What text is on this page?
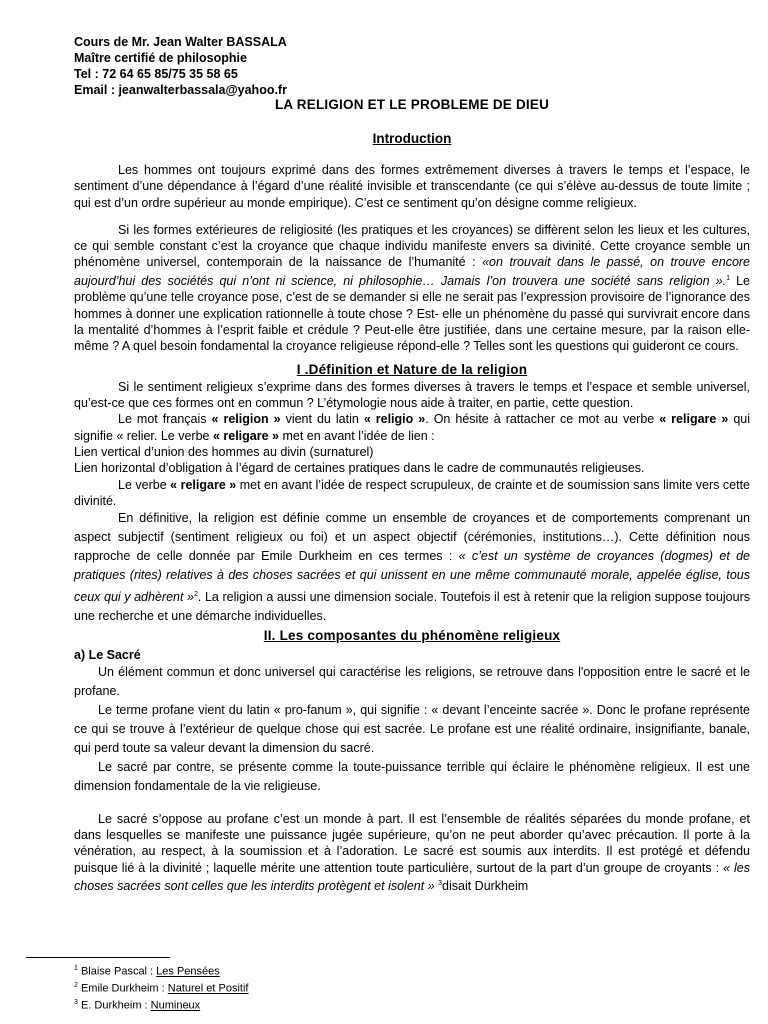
Cours de Mr. Jean Walter BASSALA
Maître certifié de philosophie
Tel : 72 64 65 85/75 35 58 65
Email : jeanwalterbassala@yahoo.fr
LA RELIGION ET LE PROBLEME DE DIEU
Introduction

Les hommes ont toujours exprimé dans des formes extrêmement diverses à travers le temps et l’espace, le sentiment d’une dépendance à l’égard d’une réalité invisible et transcendante (ce qui s’élève au-dessus de toute limite ; qui est d’un ordre supérieur au monde empirique). C’est ce sentiment qu’on désigne comme religieux.

Si les formes extérieures de religiosité (les pratiques et les croyances) se diffèrent selon les lieux et les cultures, ce qui semble constant c’est la croyance que chaque individu manifeste envers sa divinité. Cette croyance semble un phénomène universel, contemporain de la naissance de l’humanité : «on trouvait dans le passé, on trouve encore aujourd’hui des sociétés qui n’ont ni science, ni philosophie… Jamais l’on trouvera une société sans religion ».$^1$ Le problème qu’une telle croyance pose, c’est de se demander si elle ne serait pas l’expression provisoire de l’ignorance des hommes à donner une explication rationnelle à toute chose ? Est- elle un phénomène du passé qui survivrait encore dans la mentalité d’hommes à l’esprit faible et crédule ? Peut-elle être justifiée, dans une certaine mesure, par la raison elle-même ? A quel besoin fondamental la croyance religieuse répond-elle ? Telles sont les questions qui guideront ce cours.

I .Définition et Nature de la religion

Si le sentiment religieux s’exprime dans des formes diverses à travers le temps et l’espace et semble universel, qu’est-ce que ces formes ont en commun ? L’étymologie nous aide à traiter, en partie, cette question.

Le mot français « religion » vient du latin « religio ». On hésite à rattacher ce mot au verbe « religare » qui signifie « relier. Le verbe « religare » met en avant l’idée de lien :

Lien vertical d’union des hommes au divin (surnaturel)

Lien horizontal d’obligation à l’égard de certaines pratiques dans le cadre de communautés religieuses.

Le verbe « religare » met en avant l’idée de respect scrupuleux, de crainte et de soumission sans limite vers cette divinité.

En définitive, la religion est définie comme un ensemble de croyances et de comportements comprenant un aspect subjectif (sentiment religieux ou foi) et un aspect objectif (cérémonies, institutions…). Cette définition nous rapproche de celle donnée par Emile Durkheim en ces termes : « c’est un système de croyances (dogmes) et de pratiques (rites) relatives à des choses sacrées et qui unissent en une même communauté morale, appelée église, tous ceux qui y adhèrent »$^2$. La religion a aussi une dimension sociale. Toutefois il est à retenir que la religion suppose toujours une recherche et une démarche individuelles.

II. Les composantes du phénomène religieux

a) Le Sacré

Un élément commun et donc universel qui caractérise les religions, se retrouve dans l'opposition entre le sacré et le profane.

Le terme profane vient du latin « pro-fanum », qui signifie : « devant l’enceinte sacrée ». Donc le profane représente ce qui se trouve à l’extérieur de quelque chose qui est sacrée. Le profane est une réalité ordinaire, insignifiante, banale, qui perd toute sa valeur devant la dimension du sacré.

Le sacré par contre, se présente comme la toute-puissance terrible qui éclaire le phénomène religieux. Il est une dimension fondamentale de la vie religieuse.

Le sacré s’oppose au profane c’est un monde à part. Il est l’ensemble de réalités séparées du monde profane, et dans lesquelles se manifeste une puissance jugée supérieure, qu’on ne peut aborder qu’avec précaution. Il porte à la vénération, au respect, à la soumission et à l’adoration. Le sacré est soumis aux interdits. Il est protégé et défendu puisque lié à la divinité ; laquelle mérite une attention toute particulière, surtout de la part d’un groupe de croyants : « les choses sacrées sont celles que les interdits protègent et isolent » $^3$disait Durkheim

$^1$ Blaise Pascal : Les Pensées
$^2$ Emile Durkheim : Naturel et Positif
$^3$ E. Durkheim : Numineux
